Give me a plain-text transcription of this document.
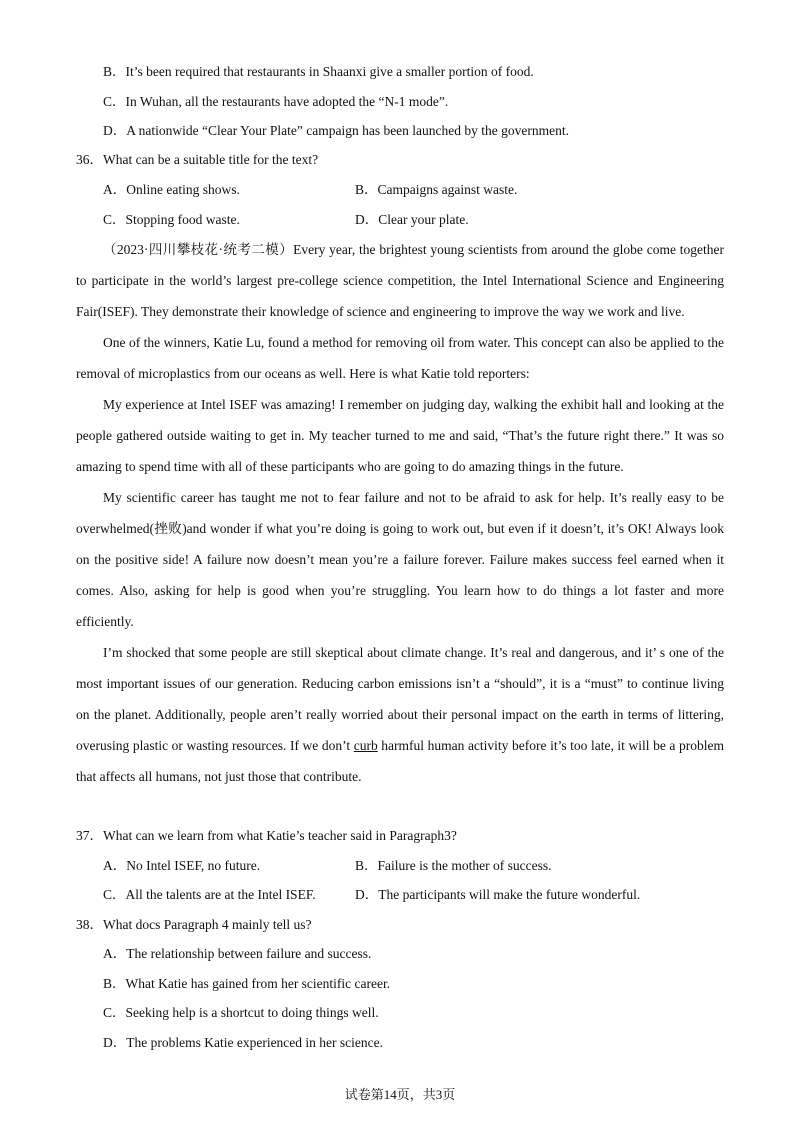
B．It’s been required that restaurants in Shaanxi give a smaller portion of food.
C．In Wuhan, all the restaurants have adopted the “N-1 mode”.
D．A nationwide “Clear Your Plate” campaign has been launched by the government.
36．What can be a suitable title for the text?
A．Online eating shows.	B．Campaigns against waste.
C．Stopping food waste.	D．Clear your plate.

（2023·四川攀枝花·统考二模）Every year, the brightest young scientists from around the globe come together to participate in the world’s largest pre-college science competition, the Intel International Science and Engineering Fair(ISEF). They demonstrate their knowledge of science and engineering to improve the way we work and live.

One of the winners, Katie Lu, found a method for removing oil from water. This concept can also be applied to the removal of microplastics from our oceans as well. Here is what Katie told reporters:

My experience at Intel ISEF was amazing! I remember on judging day, walking the exhibit hall and looking at the people gathered outside waiting to get in. My teacher turned to me and said, “That’s the future right there.” It was so amazing to spend time with all of these participants who are going to do amazing things in the future.

My scientific career has taught me not to fear failure and not to be afraid to ask for help. It’s really easy to be overwhelmed(挫败)and wonder if what you’re doing is going to work out, but even if it doesn’t, it’s OK! Always look on the positive side! A failure now doesn’t mean you’re a failure forever. Failure makes success feel earned when it comes. Also, asking for help is good when you’re struggling. You learn how to do things a lot faster and more efficiently.

I’m shocked that some people are still skeptical about climate change. It’s real and dangerous, and it’ s one of the most important issues of our generation. Reducing carbon emissions isn’t a “should”, it is a “must” to continue living on the planet. Additionally, people aren’t really worried about their personal impact on the earth in terms of littering, overusing plastic or wasting resources. If we don’t curb harmful human activity before it’s too late, it will be a problem that affects all humans, not just those that contribute.

37．What can we learn from what Katie’s teacher said in Paragraph3?
A．No Intel ISEF, no future.	B．Failure is the mother of success.
C．All the talents are at the Intel ISEF.	D．The participants will make the future wonderful.
38．What docs Paragraph 4 mainly tell us?
A．The relationship between failure and success.
B．What Katie has gained from her scientific career.
C．Seeking help is a shortcut to doing things well.
D．The problems Katie experienced in her science.
试卷第14页，共3页
